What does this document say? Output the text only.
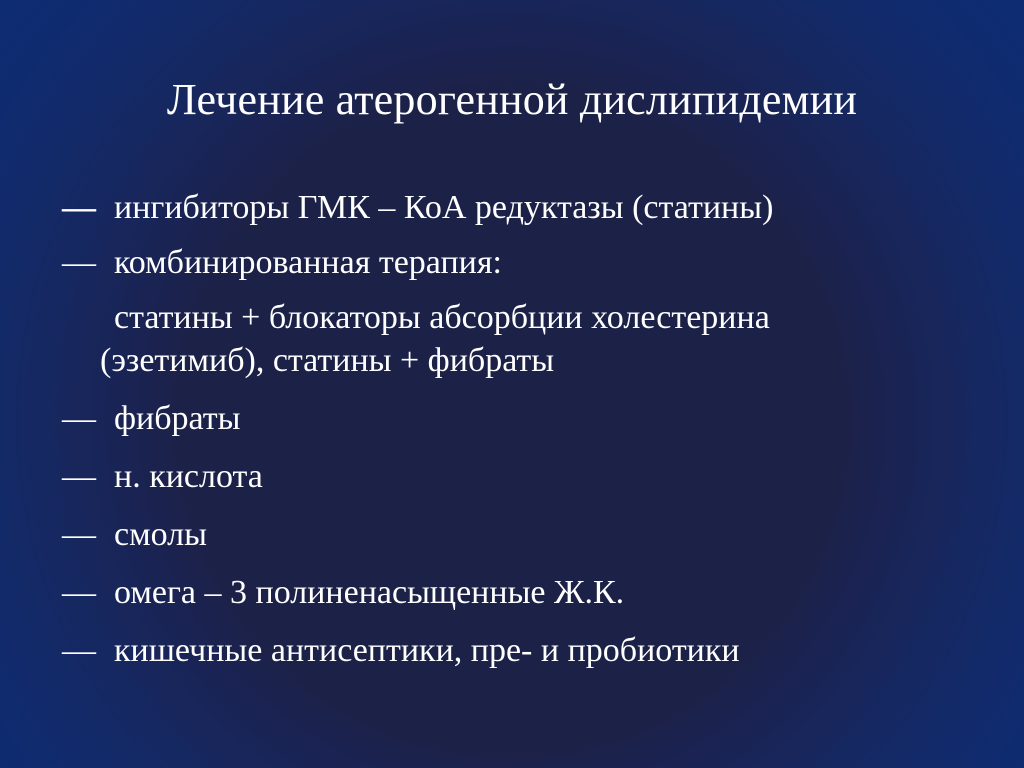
Лечение атерогенной дислипидемии
— ингибиторы ГМК – КоА редуктазы (статины)
— комбинированная терапия:
статины + блокаторы абсорбции холестерина
(эзетимиб), статины + фибраты
— фибраты
— н. кислота
— смолы
— омега – 3 полиненасыщенные Ж.К.
— кишечные антисептики, пре- и пробиотики
